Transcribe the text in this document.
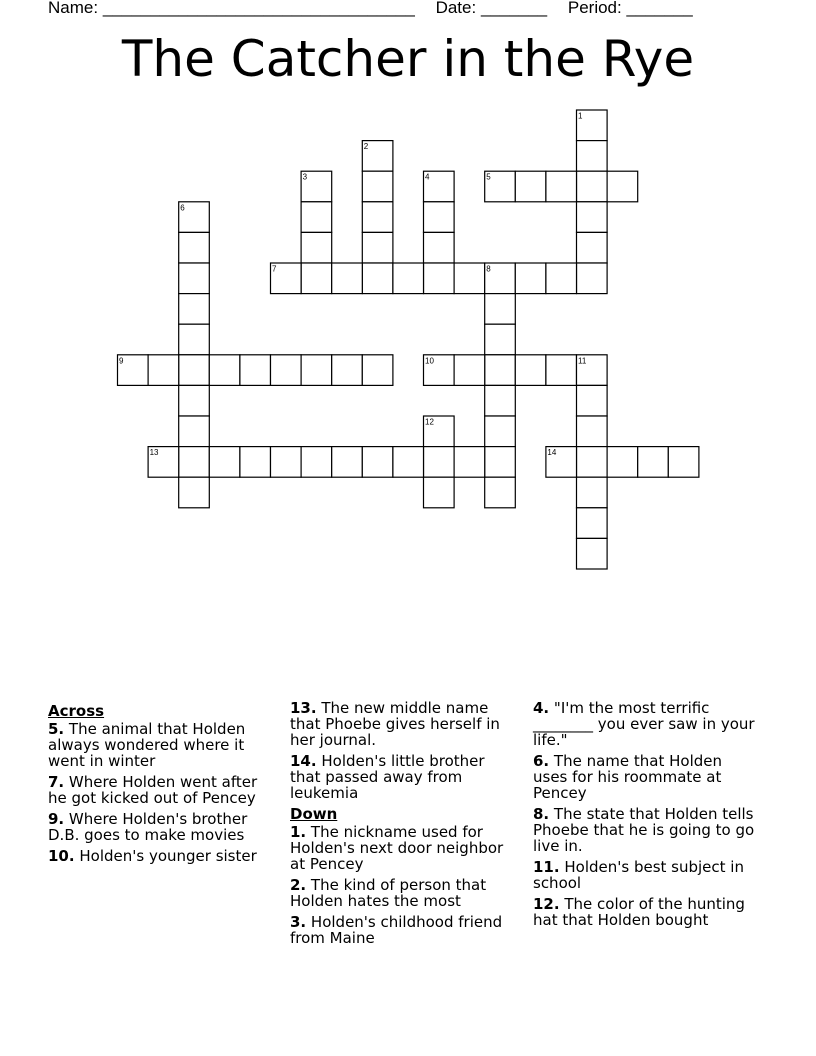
Name: _________________________________ Date: _______ Period: _______
The Catcher in the Rye
1
2
3	4	5
6
7	8
9	10	11
12
13	14
Across
5. The animal that Holden always wondered where it went in winter
7. Where Holden went after he got kicked out of Pencey
9. Where Holden's brother D.B. goes to make movies
10. Holden's younger sister
13. The new middle name that Phoebe gives herself in her journal.
14. Holden's little brother that passed away from leukemia
Down
1. The nickname used for Holden's next door neighbor at Pencey
2. The kind of person that Holden hates the most
3. Holden's childhood friend from Maine
4. "I'm the most terrific ________ you ever saw in your life."
6. The name that Holden uses for his roommate at Pencey
8. The state that Holden tells Phoebe that he is going to go live in.
11. Holden's best subject in school
12. The color of the hunting hat that Holden bought
